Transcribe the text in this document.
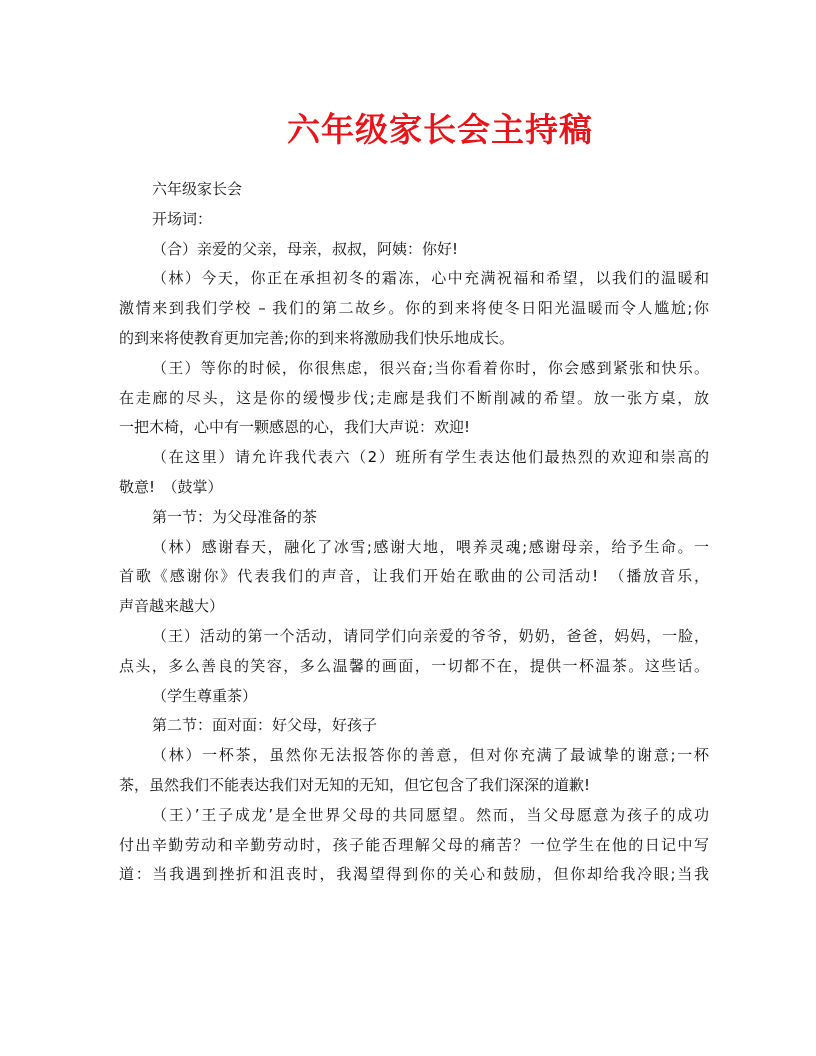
六年级家长会主持稿
六年级家长会
开场词：
（合）亲爱的父亲，母亲，叔叔，阿姨：你好!
（林）今天，你正在承担初冬的霜冻，心中充满祝福和希望，以我们的温暖和
激情来到我们学校 – 我们的第二故乡。你的到来将使冬日阳光温暖而令人尴尬;你
的到来将使教育更加完善;你的到来将激励我们快乐地成长。
（王）等你的时候，你很焦虑，很兴奋;当你看着你时，你会感到紧张和快乐。
在走廊的尽头，这是你的缓慢步伐;走廊是我们不断削减的希望。放一张方桌，放
一把木椅，心中有一颗感恩的心，我们大声说：欢迎!
（在这里）请允许我代表六（2）班所有学生表达他们最热烈的欢迎和崇高的
敬意!　（鼓掌）
第一节：为父母准备的茶
（林）感谢春天，融化了冰雪;感谢大地，喂养灵魂;感谢母亲，给予生命。一
首歌《感谢你》代表我们的声音，让我们开始在歌曲的公司活动!　（播放音乐，
声音越来越大）
（王）活动的第一个活动，请同学们向亲爱的爷爷，奶奶，爸爸，妈妈，一脸，
点头，多么善良的笑容，多么温馨的画面，一切都不在，提供一杯温茶。这些话。
（学生尊重茶）
第二节：面对面：好父母，好孩子
（林）一杯茶，虽然你无法报答你的善意，但对你充满了最诚挚的谢意;一杯
茶，虽然我们不能表达我们对无知的无知，但它包含了我们深深的道歉!
（王）’王子成龙’是全世界父母的共同愿望。然而，当父母愿意为孩子的成功
付出辛勤劳动和辛勤劳动时，孩子能否理解父母的痛苦？一位学生在他的日记中写
道：当我遇到挫折和沮丧时，我渴望得到你的关心和鼓励，但你却给我冷眼;当我
